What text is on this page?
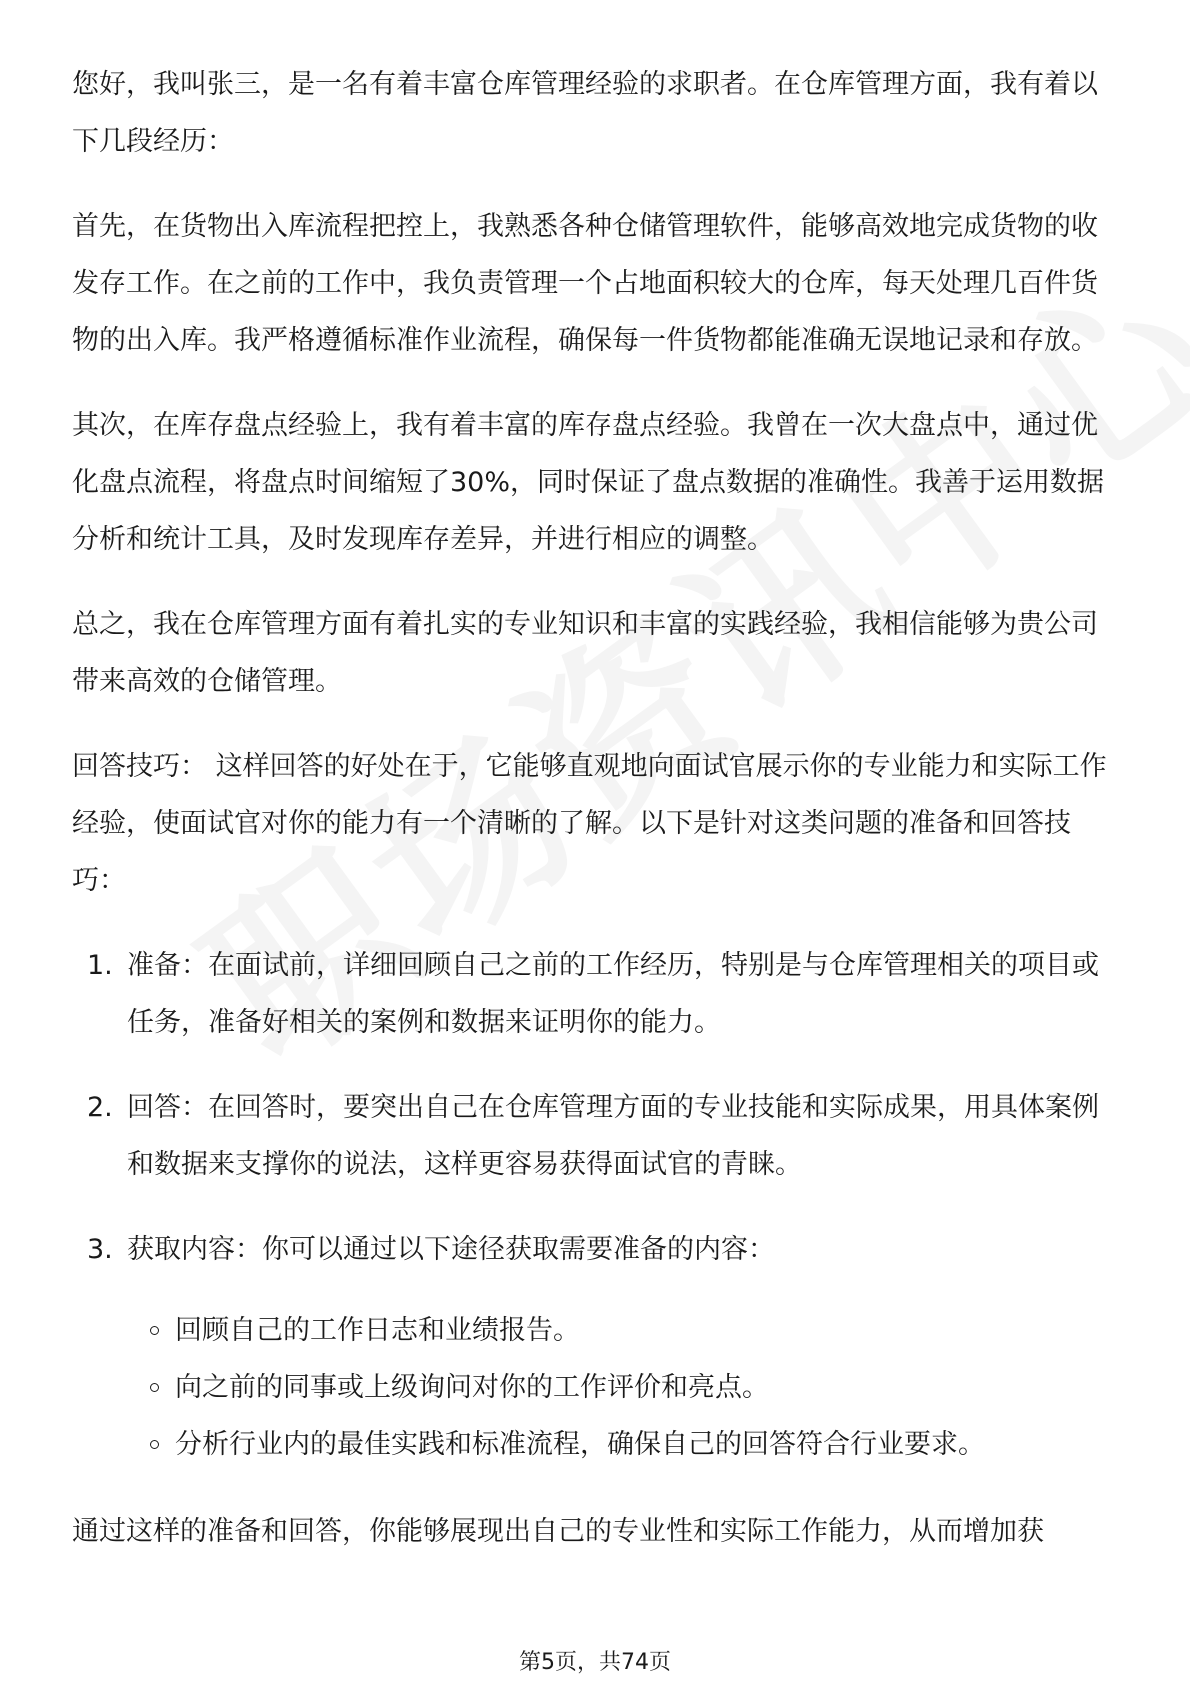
您好，我叫张三，是一名有着丰富仓库管理经验的求职者。在仓库管理方面，我有着以下几段经历：

首先，在货物出入库流程把控上，我熟悉各种仓储管理软件，能够高效地完成货物的收发存工作。在之前的工作中，我负责管理一个占地面积较大的仓库，每天处理几百件货物的出入库。我严格遵循标准作业流程，确保每一件货物都能准确无误地记录和存放。

其次，在库存盘点经验上，我有着丰富的库存盘点经验。我曾在一次大盘点中，通过优化盘点流程，将盘点时间缩短了30%，同时保证了盘点数据的准确性。我善于运用数据分析和统计工具，及时发现库存差异，并进行相应的调整。

总之，我在仓库管理方面有着扎实的专业知识和丰富的实践经验，我相信能够为贵公司带来高效的仓储管理。

回答技巧： 这样回答的好处在于，它能够直观地向面试官展示你的专业能力和实际工作经验，使面试官对你的能力有一个清晰的了解。以下是针对这类问题的准备和回答技巧：

1. 准备：在面试前，详细回顾自己之前的工作经历，特别是与仓库管理相关的项目或任务，准备好相关的案例和数据来证明你的能力。
2. 回答：在回答时，要突出自己在仓库管理方面的专业技能和实际成果，用具体案例和数据来支撑你的说法，这样更容易获得面试官的青睐。
3. 获取内容：你可以通过以下途径获取需要准备的内容：
回顾自己的工作日志和业绩报告。
向之前的同事或上级询问对你的工作评价和亮点。
分析行业内的最佳实践和标准流程，确保自己的回答符合行业要求。

通过这样的准备和回答，你能够展现出自己的专业性和实际工作能力，从而增加获

第5页，共74页
